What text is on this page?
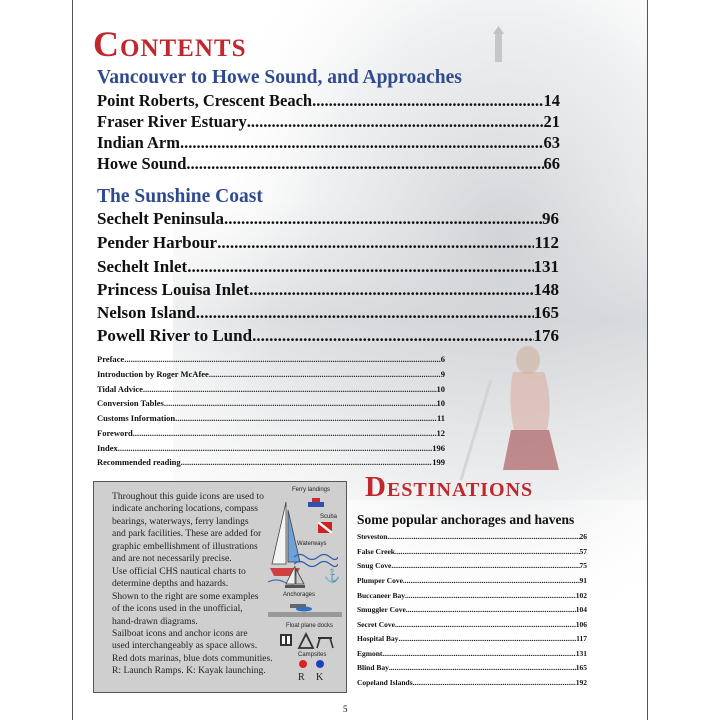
Contents
Vancouver to Howe Sound, and Approaches
Point Roberts, Crescent Beach .....	14
Fraser River Estuary .....	21
Indian Arm .....	63
Howe Sound .....	66
The Sunshine Coast
Sechelt Peninsula .....	96
Pender Harbour .....	112
Sechelt Inlet .....	131
Princess Louisa Inlet .....	148
Nelson Island .....	165
Powell River to Lund .....	176
Preface .....	6
Introduction by Roger McAfee .....	9
Tidal Advice .....	10
Conversion Tables .....	10
Customs Information .....	11
Foreword .....	12
Index .....	196
Recommended reading .....	199
Throughout this guide icons are used to
indicate anchoring locations, compass
bearings, waterways, ferry landings
and park facilities. These are added for
graphic embellishment of illustrations
and are not necessarily precise.
Use official CHS nautical charts to
determine depths and hazards.
Shown to the right are some examples
of the icons used in the unofficial,
hand-drawn diagrams.
Sailboat icons and anchor icons are
used interchangeably as space allows.
Red dots marinas, blue dots communities.
R: Launch Ramps. K: Kayak launching.
Ferry landings
Scuba
Waterways
⚓
Anchorages
Float plane docks
Campsites
R K
Destinations
Some popular anchorages and havens
Steveston .....	26
False Creek .....	57
Snug Cove .....	75
Plumper Cove .....	91
Buccaneer Bay .....	102
Smuggler Cove .....	104
Secret Cove .....	106
Hospital Bay .....	117
Egmont .....	131
Blind Bay .....	165
Copeland Islands .....	192
5
